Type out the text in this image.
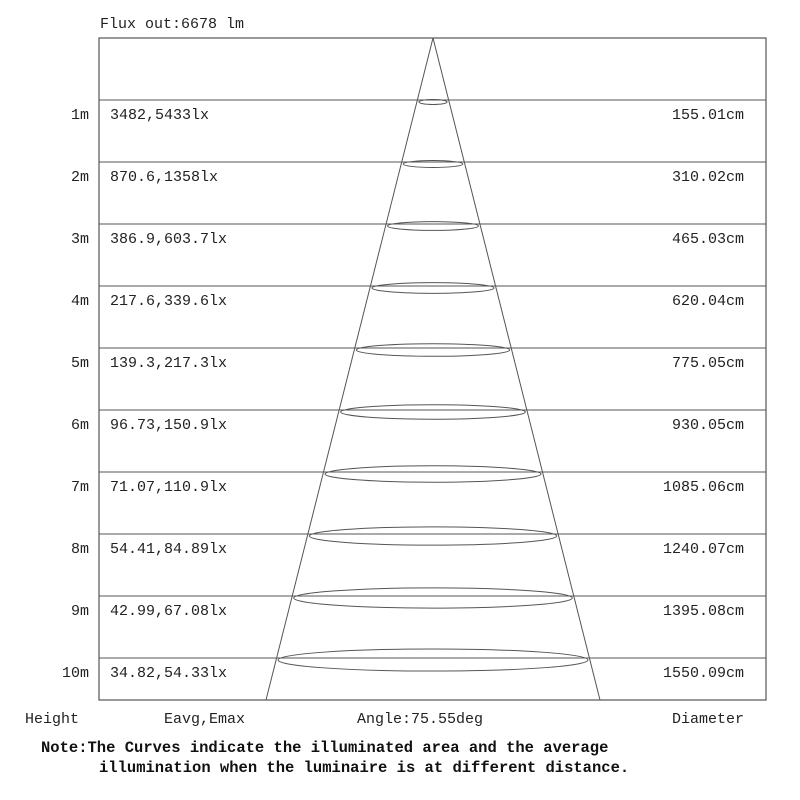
Flux out:6678 lm
1m 3482,5433lx	155.01cm
2m 870.6,1358lx	310.02cm
3m 386.9,603.7lx	465.03cm
4m 217.6,339.6lx	620.04cm
5m 139.3,217.3lx	775.05cm
6m 96.73,150.9lx	930.05cm
7m 71.07,110.9lx	1085.06cm
8m 54.41,84.89lx	1240.07cm
9m 42.99,67.08lx	1395.08cm
10m 34.82,54.33lx	1550.09cm
Height	Eavg,Emax	Angle:75.55deg	Diameter
Note:The Curves indicate the illuminated area and the average
illumination when the luminaire is at different distance.
